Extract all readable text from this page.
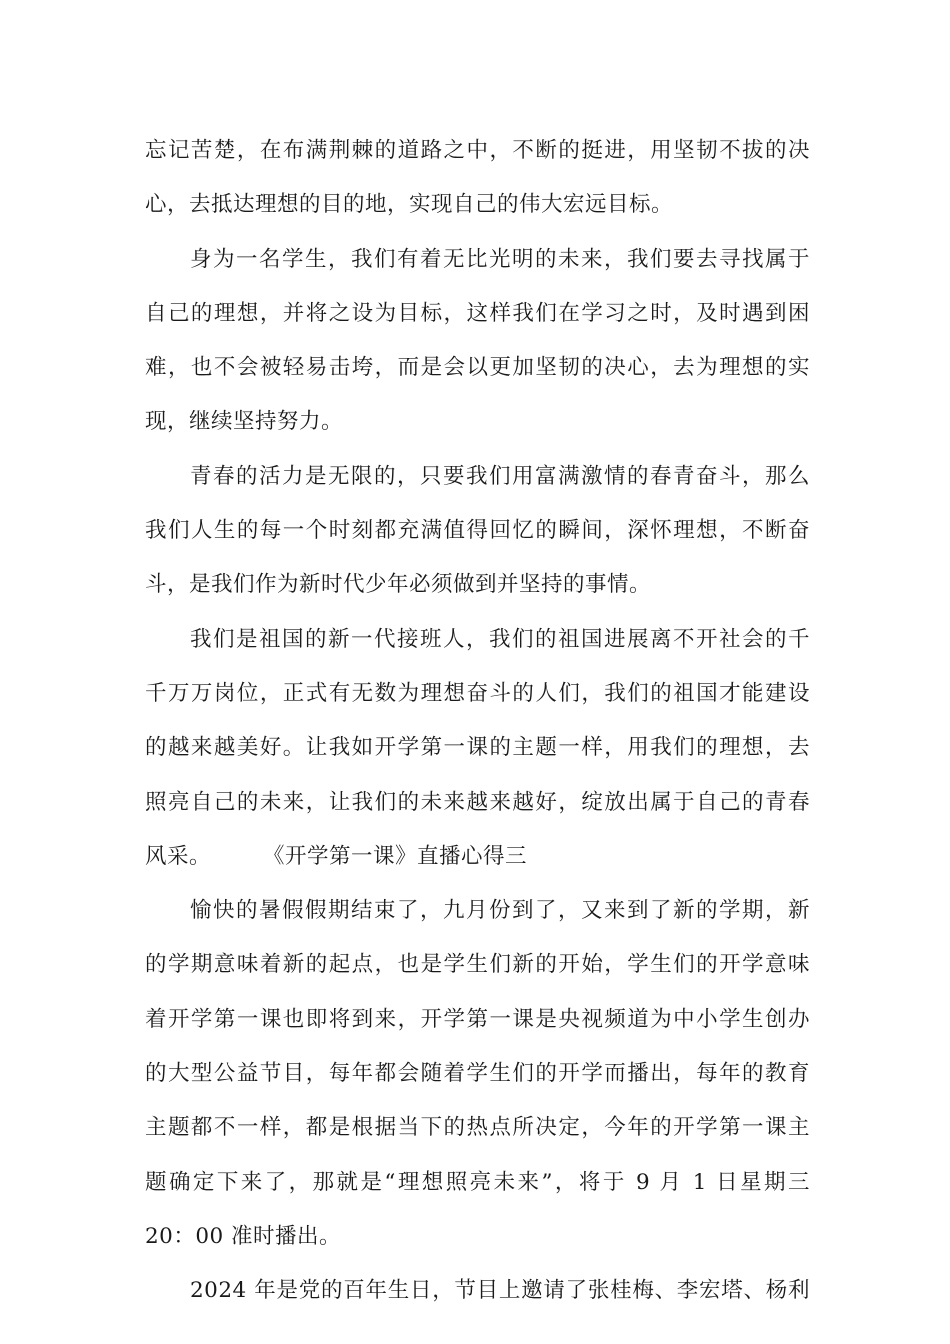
忘记苦楚，在布满荆棘的道路之中，不断的挺进，用坚韧不拔的决
心，去抵达理想的目的地，实现自己的伟大宏远目标。
身为一名学生，我们有着无比光明的未来，我们要去寻找属于
自己的理想，并将之设为目标，这样我们在学习之时，及时遇到困
难，也不会被轻易击垮，而是会以更加坚韧的决心，去为理想的实
现，继续坚持努力。
青春的活力是无限的，只要我们用富满激情的春青奋斗，那么
我们人生的每一个时刻都充满值得回忆的瞬间，深怀理想，不断奋
斗，是我们作为新时代少年必须做到并坚持的事情。
我们是祖国的新一代接班人，我们的祖国进展离不开社会的千
千万万岗位，正式有无数为理想奋斗的人们，我们的祖国才能建设
的越来越美好。让我如开学第一课的主题一样，用我们的理想，去
照亮自己的未来，让我们的未来越来越好，绽放出属于自己的青春
风采。 《开学第一课》直播心得三
愉快的暑假假期结束了，九月份到了，又来到了新的学期，新
的学期意味着新的起点，也是学生们新的开始，学生们的开学意味
着开学第一课也即将到来，开学第一课是央视频道为中小学生创办
的大型公益节目，每年都会随着学生们的开学而播出，每年的教育
主题都不一样，都是根据当下的热点所决定，今年的开学第一课主
题确定下来了，那就是“理想照亮未来”，将于 9 月 1 日星期三
20：00 准时播出。
2024 年是党的百年生日，节目上邀请了张桂梅、李宏塔、杨利
